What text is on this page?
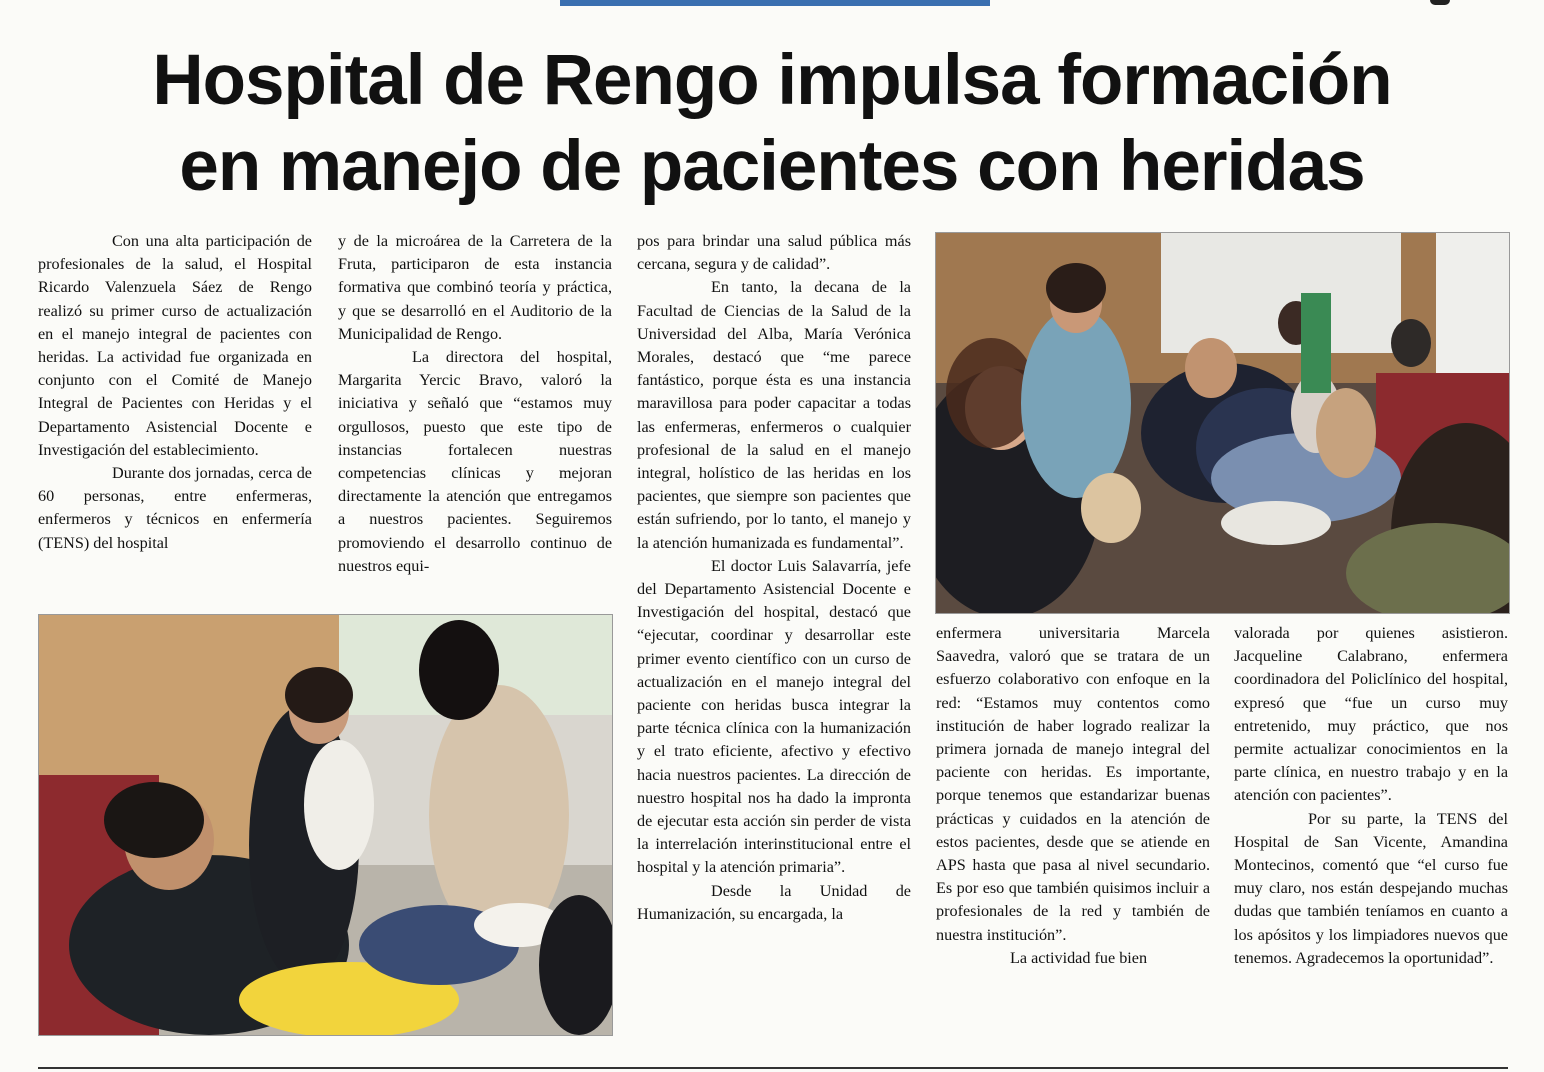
Hospital de Rengo impulsa formación
en manejo de pacientes con heridas

Con una alta participación de profesionales de la salud, el Hospital Ricardo Valenzuela Sáez de Rengo realizó su primer curso de actualización en el manejo integral de pacientes con heridas. La actividad fue organizada en conjunto con el Comité de Manejo Integral de Pacientes con Heridas y el Departamento Asistencial Docente e Investigación del establecimiento.

Durante dos jornadas, cerca de 60 personas, entre enfermeras, enfermeros y técnicos en enfermería (TENS) del hospital

y de la microárea de la Carretera de la Fruta, participaron de esta instancia formativa que combinó teoría y práctica, y que se desarrolló en el Auditorio de la Municipalidad de Rengo.

La directora del hospital, Margarita Yercic Bravo, valoró la iniciativa y señaló que “estamos muy orgullosos, puesto que este tipo de instancias fortalecen nuestras competencias clínicas y mejoran directamente la atención que entregamos a nuestros pacientes. Seguiremos promoviendo el desarrollo continuo de nuestros equi-

pos para brindar una salud pública más cercana, segura y de calidad”.

En tanto, la decana de la Facultad de Ciencias de la Salud de la Universidad del Alba, María Verónica Morales, destacó que “me parece fantástico, porque ésta es una instancia maravillosa para poder capacitar a todas las enfermeras, enfermeros o cualquier profesional de la salud en el manejo integral, holístico de las heridas en los pacientes, que siempre son pacientes que están sufriendo, por lo tanto, el manejo y la atención humanizada es fundamental”.

El doctor Luis Salavarría, jefe del Departamento Asistencial Docente e Investigación del hospital, destacó que “ejecutar, coordinar y desarrollar este primer evento científico con un curso de actualización en el manejo integral del paciente con heridas busca integrar la parte técnica clínica con la humanización y el trato eficiente, afectivo y efectivo hacia nuestros pacientes. La dirección de nuestro hospital nos ha dado la impronta de ejecutar esta acción sin perder de vista la interrelación interinstitucional entre el hospital y la atención primaria”.

Desde la Unidad de Humanización, su encargada, la

enfermera universitaria Marcela Saavedra, valoró que se tratara de un esfuerzo colaborativo con enfoque en la red: “Estamos muy contentos como institución de haber logrado realizar la primera jornada de manejo integral del paciente con heridas. Es importante, porque tenemos que estandarizar buenas prácticas y cuidados en la atención de estos pacientes, desde que se atiende en APS hasta que pasa al nivel secundario. Es por eso que también quisimos incluir a profesionales de la red y también de nuestra institución”.

La actividad fue bien

valorada por quienes asistieron. Jacqueline Calabrano, enfermera coordinadora del Policlínico del hospital, expresó que “fue un curso muy entretenido, muy práctico, que nos permite actualizar conocimientos en la parte clínica, en nuestro trabajo y en la atención con pacientes”.

Por su parte, la TENS del Hospital de San Vicente, Amandina Montecinos, comentó que “el curso fue muy claro, nos están despejando muchas dudas que también teníamos en cuanto a los apósitos y los limpiadores nuevos que tenemos. Agradecemos la oportunidad”.
